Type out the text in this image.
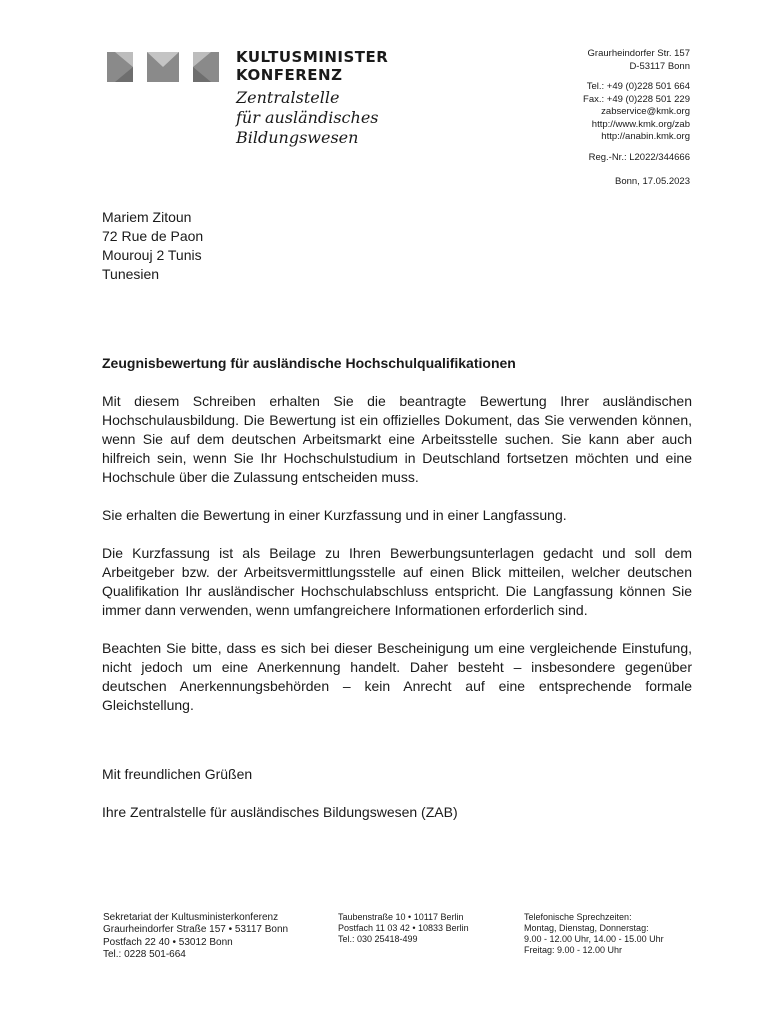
KULTUSMINISTER
KONFERENZ
Zentralstelle
für ausländisches
Bildungswesen
Graurheindorfer Str. 157
D-53117 Bonn
Tel.: +49 (0)228 501 664
Fax.: +49 (0)228 501 229
zabservice@kmk.org
http://www.kmk.org/zab
http://anabin.kmk.org
Reg.-Nr.: L2022/344666
Bonn, 17.05.2023
Mariem Zitoun
72 Rue de Paon
Mourouj 2 Tunis
Tunesien
Zeugnisbewertung für ausländische Hochschulqualifikationen

Mit diesem Schreiben erhalten Sie die beantragte Bewertung Ihrer ausländischen Hochschulausbildung. Die Bewertung ist ein offizielles Dokument, das Sie verwenden können, wenn Sie auf dem deutschen Arbeitsmarkt eine Arbeitsstelle suchen. Sie kann aber auch hilfreich sein, wenn Sie Ihr Hochschulstudium in Deutschland fortsetzen möchten und eine Hochschule über die Zulassung entscheiden muss.

Sie erhalten die Bewertung in einer Kurzfassung und in einer Langfassung.

Die Kurzfassung ist als Beilage zu Ihren Bewerbungsunterlagen gedacht und soll dem Arbeitgeber bzw. der Arbeitsvermittlungsstelle auf einen Blick mitteilen, welcher deutschen Qualifikation Ihr ausländischer Hochschulabschluss entspricht. Die Langfassung können Sie immer dann verwenden, wenn umfangreichere Informationen erforderlich sind.

Beachten Sie bitte, dass es sich bei dieser Bescheinigung um eine vergleichende Einstufung, nicht jedoch um eine Anerkennung handelt. Daher besteht – insbesondere gegenüber deutschen Anerkennungsbehörden – kein Anrecht auf eine entsprechende formale Gleichstellung.

Mit freundlichen Grüßen
Ihre Zentralstelle für ausländisches Bildungswesen (ZAB)
Sekretariat der Kultusministerkonferenz
Graurheindorfer Straße 157 • 53117 Bonn
Postfach 22 40 • 53012 Bonn
Tel.: 0228 501-664
Taubenstraße 10 • 10117 Berlin
Postfach 11 03 42 • 10833 Berlin
Tel.: 030 25418-499
Telefonische Sprechzeiten:
Montag, Dienstag, Donnerstag:
9.00 - 12.00 Uhr, 14.00 - 15.00 Uhr
Freitag: 9.00 - 12.00 Uhr
